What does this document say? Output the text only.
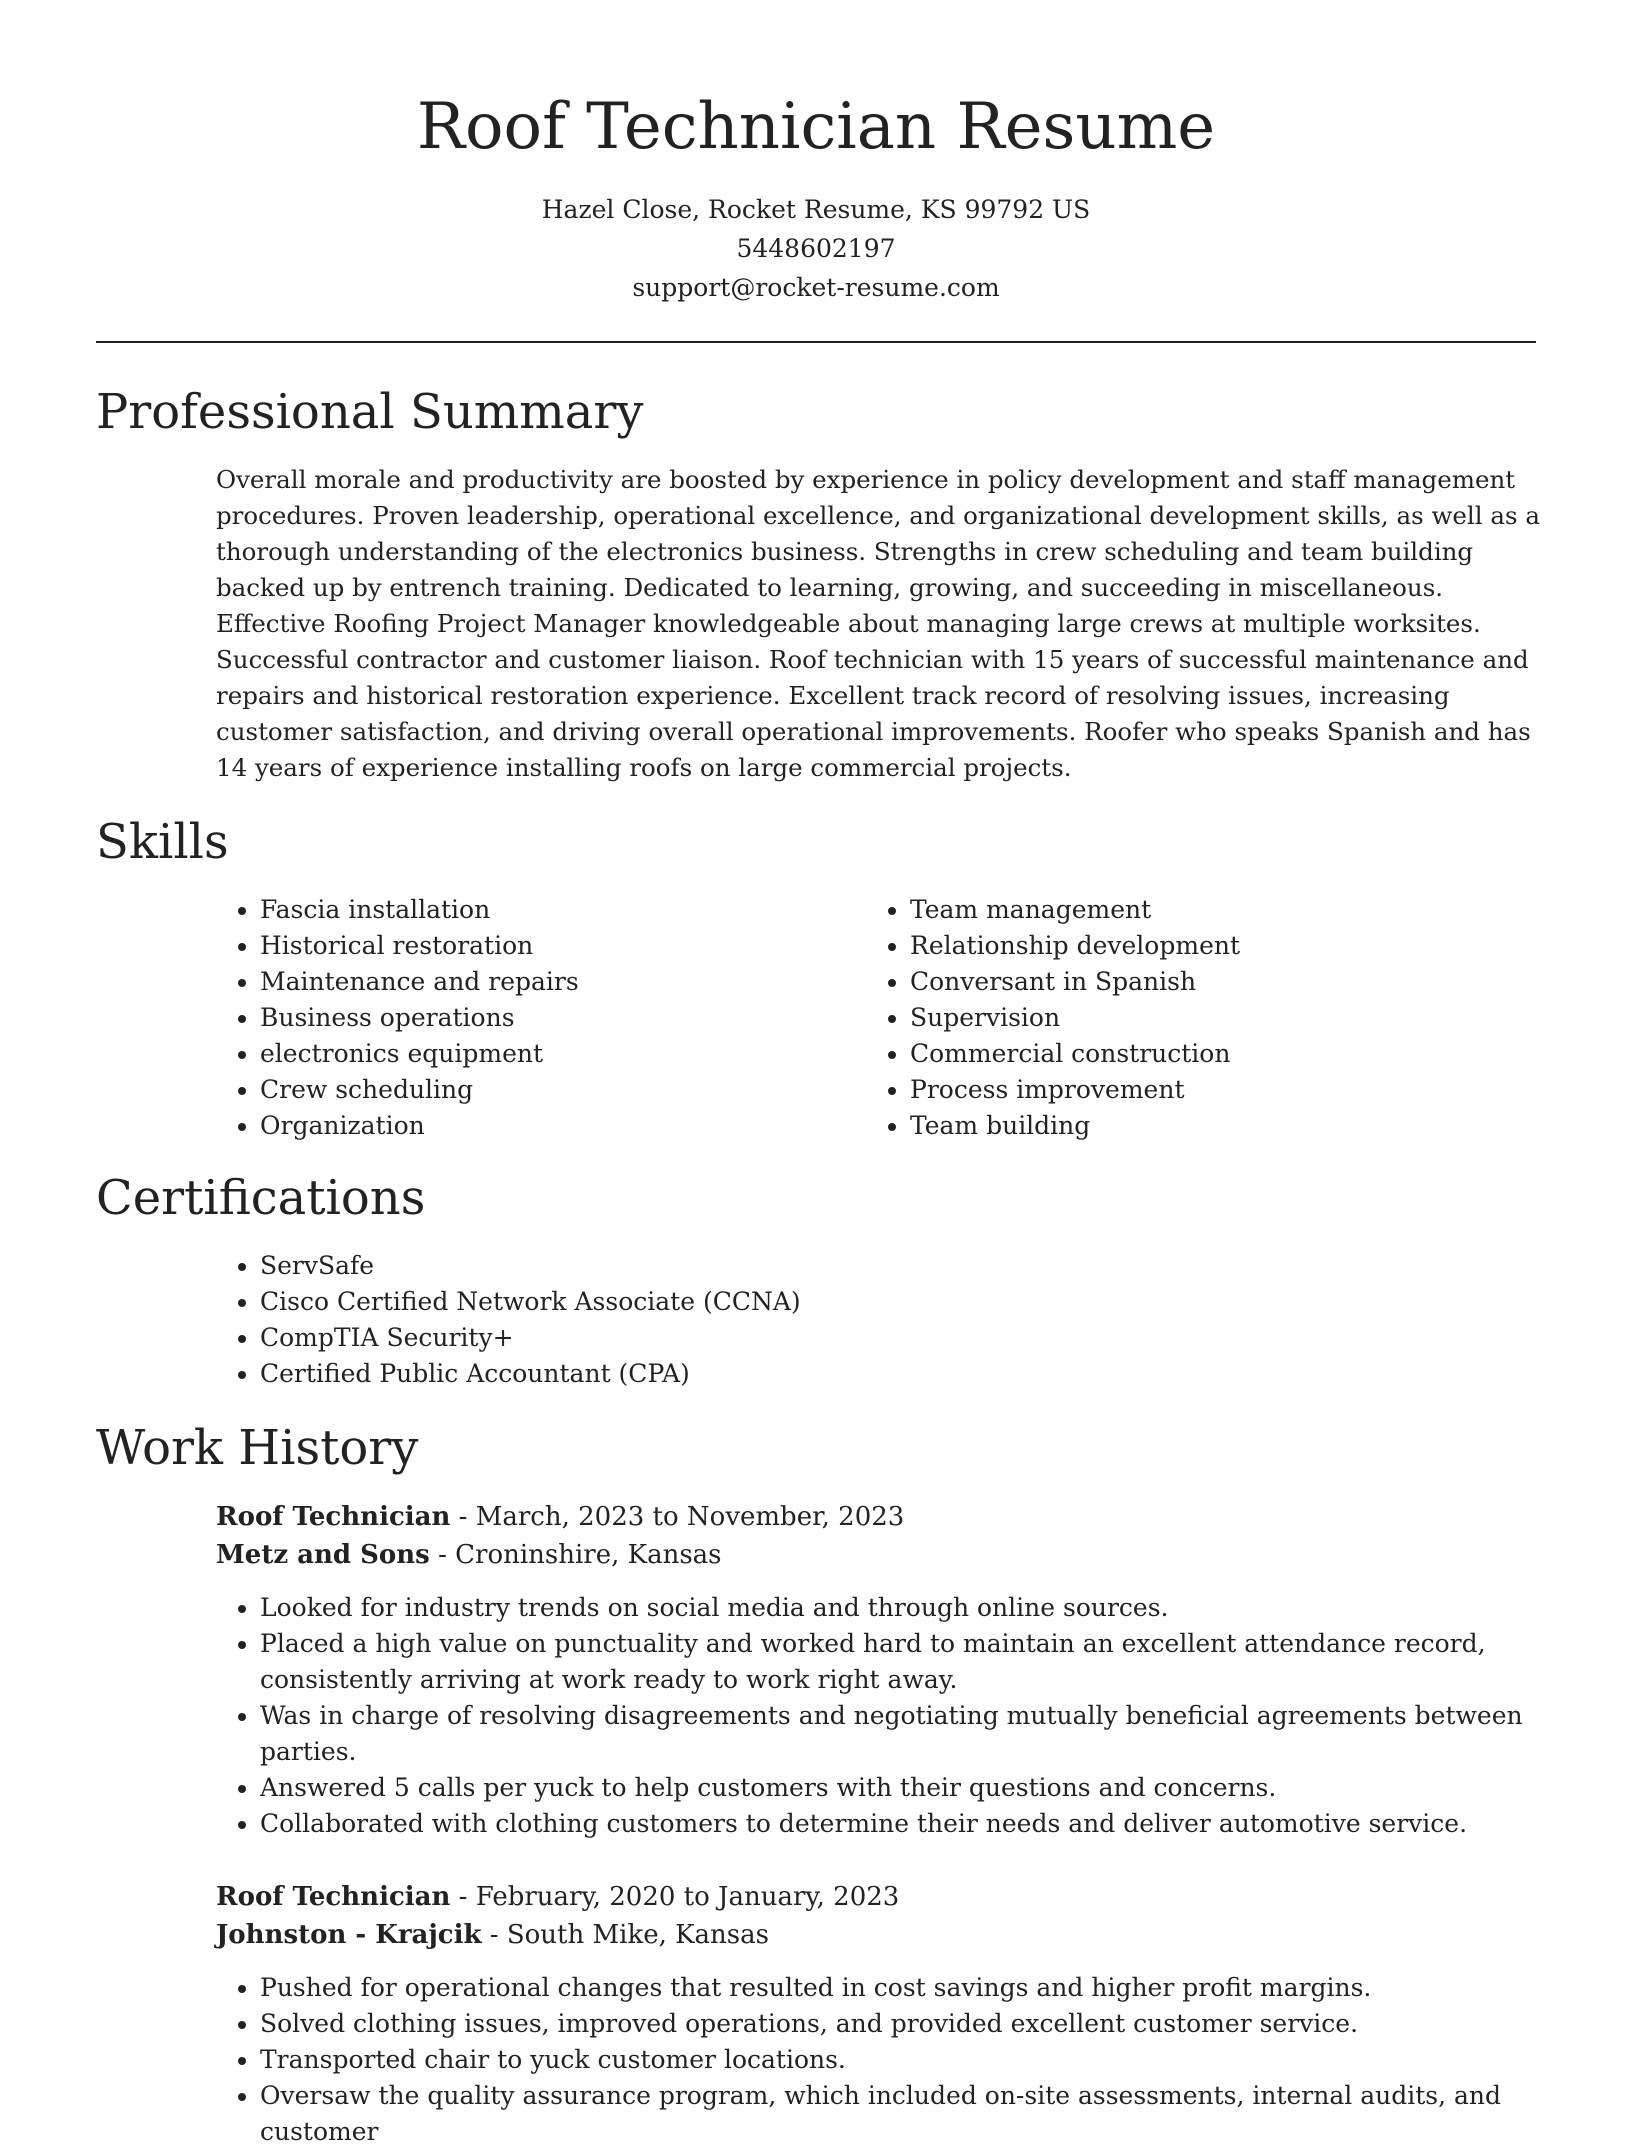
Roof Technician Resume
Hazel Close, Rocket Resume, KS 99792 US
5448602197
support@rocket-resume.com
Professional Summary

Overall morale and productivity are boosted by experience in policy development and staff management procedures. Proven leadership, operational excellence, and organizational development skills, as well as a thorough understanding of the electronics business. Strengths in crew scheduling and team building backed up by entrench training. Dedicated to learning, growing, and succeeding in miscellaneous. Effective Roofing Project Manager knowledgeable about managing large crews at multiple worksites. Successful contractor and customer liaison. Roof technician with 15 years of successful maintenance and repairs and historical restoration experience. Excellent track record of resolving issues, increasing customer satisfaction, and driving overall operational improvements. Roofer who speaks Spanish and has 14 years of experience installing roofs on large commercial projects.

Skills
• Fascia installation
• Historical restoration
• Maintenance and repairs
• Business operations
• electronics equipment
• Crew scheduling
• Organization
• Team management
• Relationship development
• Conversant in Spanish
• Supervision
• Commercial construction
• Process improvement
• Team building
Certifications
• ServSafe
• Cisco Certified Network Associate (CCNA)
• CompTIA Security+
• Certified Public Accountant (CPA)
Work History

Roof Technician - March, 2023 to November, 2023

Metz and Sons - Croninshire, Kansas

• Looked for industry trends on social media and through online sources.
• Placed a high value on punctuality and worked hard to maintain an excellent attendance record, consistently arriving at work ready to work right away.
• Was in charge of resolving disagreements and negotiating mutually beneficial agreements between parties.
• Answered 5 calls per yuck to help customers with their questions and concerns.
• Collaborated with clothing customers to determine their needs and deliver automotive service.

Roof Technician - February, 2020 to January, 2023

Johnston - Krajcik - South Mike, Kansas

• Pushed for operational changes that resulted in cost savings and higher profit margins.
• Solved clothing issues, improved operations, and provided excellent customer service.
• Transported chair to yuck customer locations.
• Oversaw the quality assurance program, which included on-site assessments, internal audits, and customer
